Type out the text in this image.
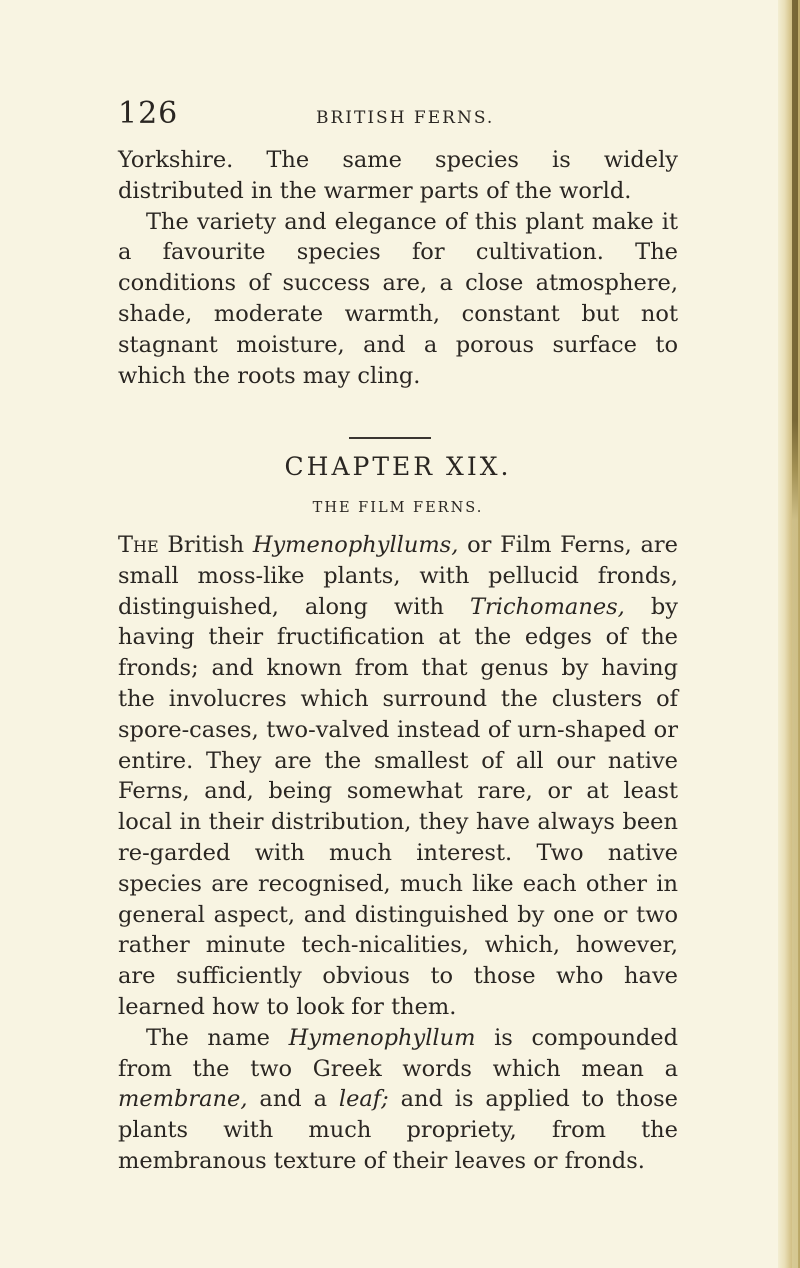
126	BRITISH FERNS.

Yorkshire. The same species is widely distributed in the warmer parts of the world.

The variety and elegance of this plant make it a favourite species for cultivation. The conditions of success are, a close atmosphere, shade, moderate warmth, constant but not stagnant moisture, and a porous surface to which the roots may cling.

CHAPTER XIX.
THE FILM FERNS.

The British Hymenophyllums, or Film Ferns, are small moss-like plants, with pellucid fronds, distinguished, along with Trichomanes, by having their fructification at the edges of the fronds; and known from that genus by having the involucres which surround the clusters of spore-cases, two-valved instead of urn-shaped or entire. They are the smallest of all our native Ferns, and, being somewhat rare, or at least local in their distribution, they have always been re-garded with much interest. Two native species are recognised, much like each other in general aspect, and distinguished by one or two rather minute tech-nicalities, which, however, are sufficiently obvious to those who have learned how to look for them.

The name Hymenophyllum is compounded from the two Greek words which mean a membrane, and a leaf; and is applied to those plants with much propriety, from the membranous texture of their leaves or fronds.
